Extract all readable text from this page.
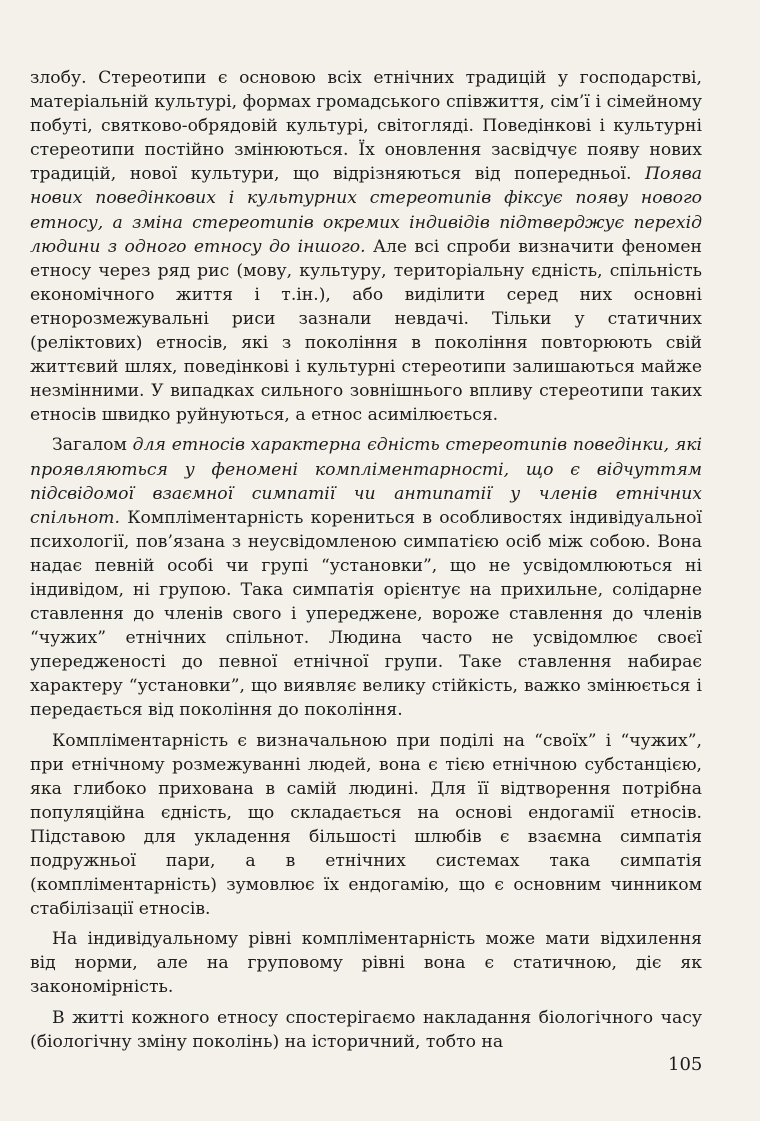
злобу. Стереотипи є основою всіх етнічних традицій у господарстві, матеріальній культурі, формах громадського співжиття, сім’ї і сімейному побуті, святково-обрядовій культурі, світогляді. Поведінкові і культурні стереотипи постійно змінюються. Їх оновлення засвідчує появу нових традицій, нової культури, що відрізняються від попередньої. Поява нових поведінкових і культурних стереотипів фіксує появу нового етносу, а зміна стереотипів окремих індивідів підтверджує перехід людини з одного етносу до іншого. Але всі спроби визначити феномен етносу через ряд рис (мову, культуру, територіальну єдність, спільність економічного життя і т.ін.), або виділити серед них основні етнорозмежувальні риси зазнали невдачі. Тільки у статичних (реліктових) етносів, які з покоління в покоління повторюють свій життєвий шлях, поведінкові і культурні стереотипи залишаються майже незмінними. У випадках сильного зовнішнього впливу стереотипи таких етносів швидко руйнуються, а етнос асимілюється.

Загалом для етносів характерна єдність стереотипів поведінки, які проявляються у феномені компліментарності, що є відчуттям підсвідомої взаємної симпатії чи антипатії у членів етнічних спільнот. Компліментарність корениться в особливостях індивідуальної психології, пов’язана з неусвідомленою симпатією осіб між собою. Вона надає певній особі чи групі “установки”, що не усвідомлюються ні індивідом, ні групою. Така симпатія орієнтує на прихильне, солідарне ставлення до членів свого і упереджене, вороже ставлення до членів “чужих” етнічних спільнот. Людина часто не усвідомлює своєї упередженості до певної етнічної групи. Таке ставлення набирає характеру “установки”, що виявляє велику стійкість, важко змінюється і передається від покоління до покоління.

Компліментарність є визначальною при поділі на “своїх” і “чужих”, при етнічному розмежуванні людей, вона є тією етнічною субстанцією, яка глибоко прихована в самій людині. Для її відтворення потрібна популяційна єдність, що складається на основі ендогамії етносів. Підставою для укладення більшості шлюбів є взаємна симпатія подружньої пари, а в етнічних системах така симпатія (компліментарність) зумовлює їх ендогамію, що є основним чинником стабілізації етносів.

На індивідуальному рівні компліментарність може мати відхилення від норми, але на груповому рівні вона є статичною, діє як закономірність.

В житті кожного етносу спостерігаємо накладання біологічного часу (біологічну зміну поколінь) на історичний, тобто на

105
